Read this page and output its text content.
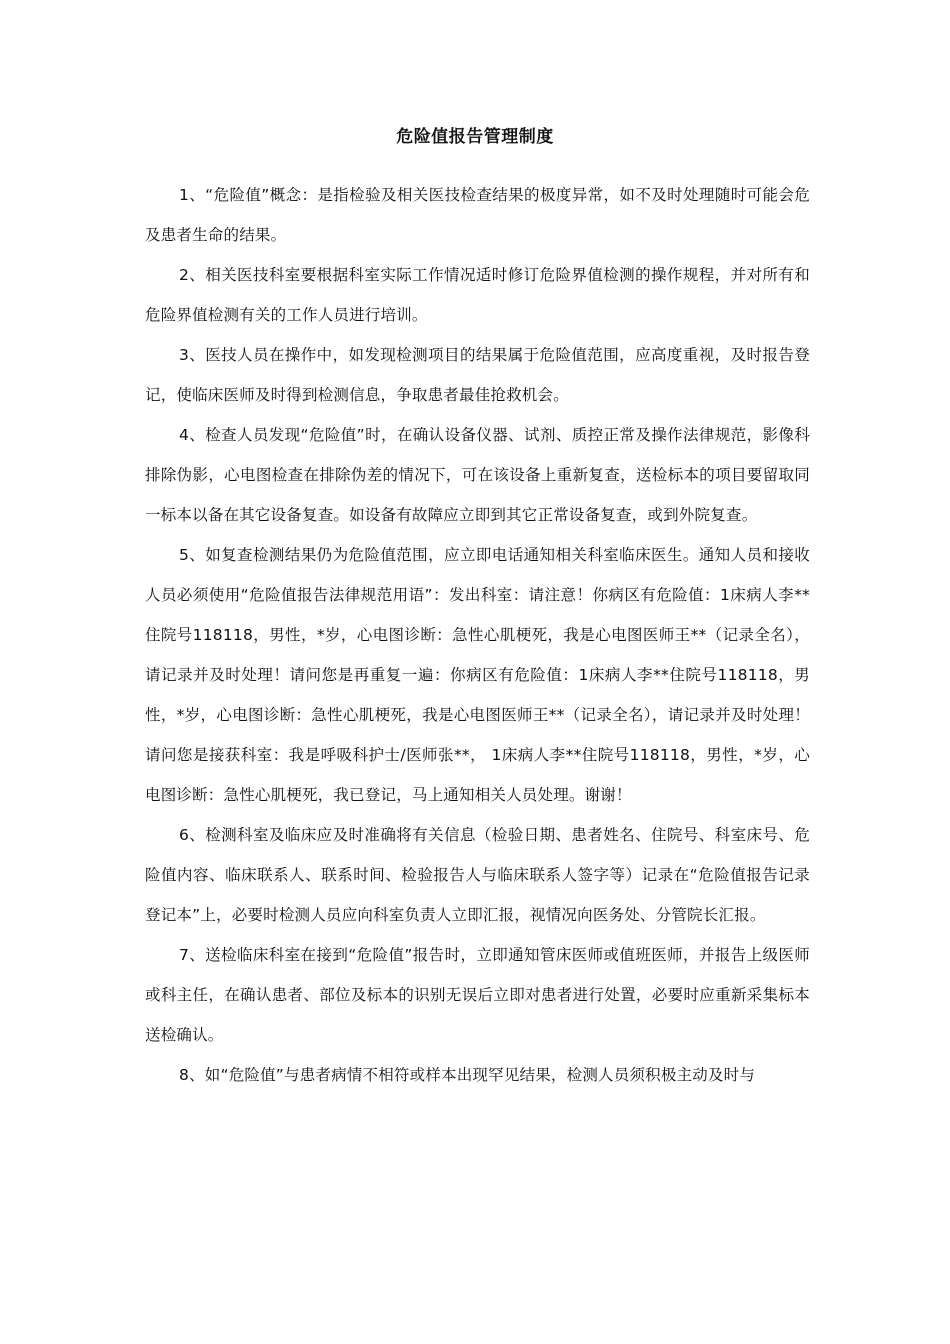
危险值报告管理制度

1、“危险值”概念：是指检验及相关医技检查结果的极度异常，如不及时处理随时可能会危及患者生命的结果。

2、相关医技科室要根据科室实际工作情况适时修订危险界值检测的操作规程，并对所有和危险界值检测有关的工作人员进行培训。

3、医技人员在操作中，如发现检测项目的结果属于危险值范围，应高度重视，及时报告登记，使临床医师及时得到检测信息，争取患者最佳抢救机会。

4、检查人员发现“危险值”时，在确认设备仪器、试剂、质控正常及操作法律规范，影像科排除伪影，心电图检查在排除伪差的情况下，可在该设备上重新复查，送检标本的项目要留取同一标本以备在其它设备复查。如设备有故障应立即到其它正常设备复查，或到外院复查。

5、如复查检测结果仍为危险值范围，应立即电话通知相关科室临床医生。通知人员和接收人员必须使用“危险值报告法律规范用语”：发出科室：请注意！你病区有危险值：1床病人李**住院号118118，男性，*岁，心电图诊断：急性心肌梗死，我是心电图医师王**（记录全名），请记录并及时处理！请问您是再重复一遍：你病区有危险值：1床病人李**住院号118118，男性，*岁，心电图诊断：急性心肌梗死，我是心电图医师王**（记录全名），请记录并及时处理！请问您是接获科室：我是呼吸科护士/医师张**， 1床病人李**住院号118118，男性，*岁，心电图诊断：急性心肌梗死，我已登记，马上通知相关人员处理。谢谢！

6、检测科室及临床应及时准确将有关信息（检验日期、患者姓名、住院号、科室床号、危险值内容、临床联系人、联系时间、检验报告人与临床联系人签字等）记录在“危险值报告记录登记本”上，必要时检测人员应向科室负责人立即汇报，视情况向医务处、分管院长汇报。

7、送检临床科室在接到“危险值”报告时，立即通知管床医师或值班医师，并报告上级医师或科主任，在确认患者、部位及标本的识别无误后立即对患者进行处置，必要时应重新采集标本送检确认。

8、如“危险值”与患者病情不相符或样本出现罕见结果，检测人员须积极主动及时与
